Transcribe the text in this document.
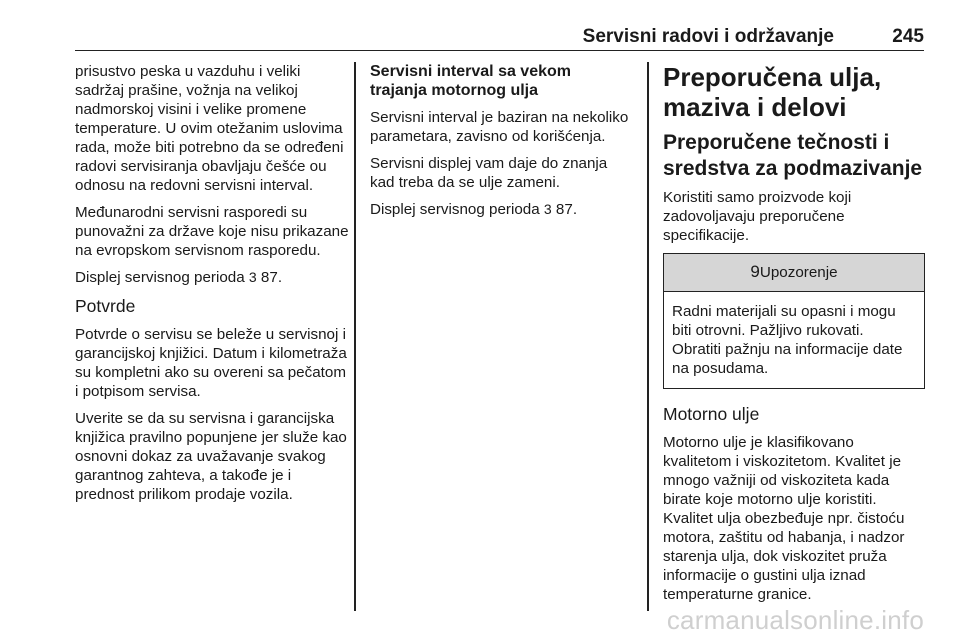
Servisni radovi i održavanje	245

prisustvo peska u vazduhu i veliki sadržaj prašine, vožnja na velikoj nadmorskoj visini i velike promene temperature. U ovim otežanim uslovima rada, može biti potrebno da se određeni radovi servisiranja obavljaju češće ou odnosu na redovni servisni interval.

Međunarodni servisni rasporedi su punovažni za države koje nisu prikazane na evropskom servisnom rasporedu.

Displej servisnog perioda 3 87.

Potvrde

Potvrde o servisu se beleže u servisnoj i garancijskoj knjižici. Datum i kilometraža su kompletni ako su overeni sa pečatom i potpisom servisa.

Uverite se da su servisna i garancijska knjižica pravilno popunjene jer služe kao osnovni dokaz za uvažavanje svakog garantnog zahteva, a takođe je i prednost prilikom prodaje vozila.

Servisni interval sa vekom trajanja motornog ulja

Servisni interval je baziran na nekoliko parametara, zavisno od korišćenja.

Servisni displej vam daje do znanja kad treba da se ulje zameni.

Displej servisnog perioda 3 87.

Preporučena ulja, maziva i delovi
Preporučene tečnosti i sredstva za podmazivanje

Koristiti samo proizvode koji zadovoljavaju preporučene specifikacije.

9Upozorenje

Radni materijali su opasni i mogu biti otrovni. Pažljivo rukovati.

Obratiti pažnju na informacije date na posudama.

Motorno ulje

Motorno ulje je klasifikovano kvalitetom i viskozitetom. Kvalitet je mnogo važniji od viskoziteta kada birate koje motorno ulje koristiti. Kvalitet ulja obezbeđuje npr. čistoću motora, zaštitu od habanja, i nadzor starenja ulja, dok viskozitet pruža informacije o gustini ulja iznad temperaturne granice.

carmanualsonline.info
